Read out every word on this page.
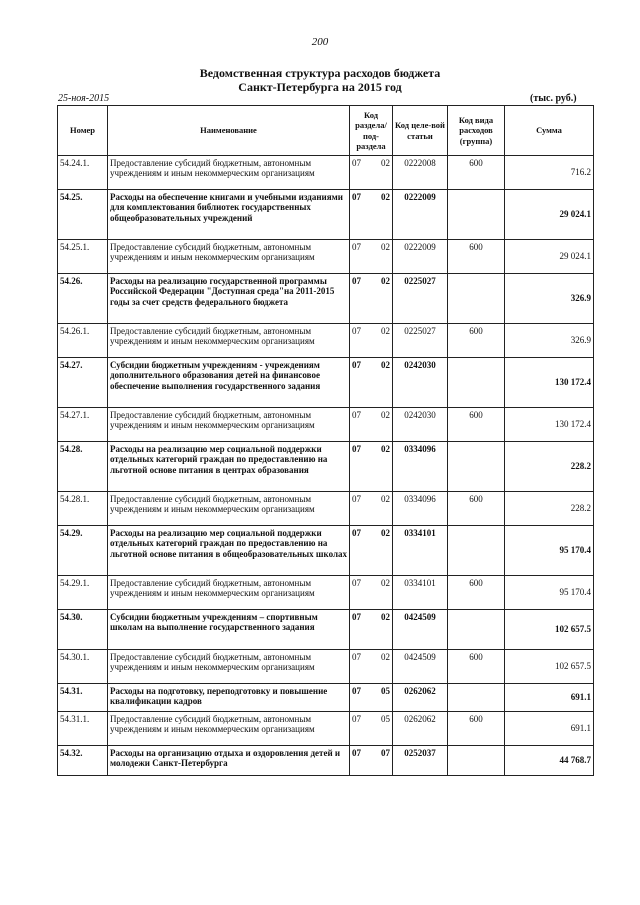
200
Ведомственная структура расходов бюджета
Санкт-Петербурга на 2015 год
25-ноя-2015	(тыс. руб.)
Номер	Наименование	Код раздела/ под-раздела	Код целе-вой статьи	Код вида расходов (группа)	Сумма
54.24.1.	Предоставление субсидий бюджетным, автономным учреждениям и иным некоммерческим организациям	07 02	0222008	600	716.2
54.25.	Расходы на обеспечение книгами и учебными изданиями для комплектования библиотек государственных общеобразовательных учреждений	07 02	0222009		29 024.1
54.25.1.	Предоставление субсидий бюджетным, автономным учреждениям и иным некоммерческим организациям	07 02	0222009	600	29 024.1
54.26.	Расходы на реализацию государственной программы Российской Федерации "Доступная среда"на 2011-2015 годы за счет средств федерального бюджета	07 02	0225027		326.9
54.26.1.	Предоставление субсидий бюджетным, автономным учреждениям и иным некоммерческим организациям	07 02	0225027	600	326.9
54.27.	Субсидии бюджетным учреждениям - учреждениям дополнительного образования детей на финансовое обеспечение выполнения государственного задания	07 02	0242030		130 172.4
54.27.1.	Предоставление субсидий бюджетным, автономным учреждениям и иным некоммерческим организациям	07 02	0242030	600	130 172.4
54.28.	Расходы на реализацию мер социальной поддержки отдельных категорий граждан по предоставлению на льготной основе питания в центрах образования	07 02	0334096		228.2
54.28.1.	Предоставление субсидий бюджетным, автономным учреждениям и иным некоммерческим организациям	07 02	0334096	600	228.2
54.29.	Расходы на реализацию мер социальной поддержки отдельных категорий граждан по предоставлению на льготной основе питания в общеобразовательных школах	07 02	0334101		95 170.4
54.29.1.	Предоставление субсидий бюджетным, автономным учреждениям и иным некоммерческим организациям	07 02	0334101	600	95 170.4
54.30.	Субсидии бюджетным учреждениям – спортивным школам на выполнение государственного задания	07 02	0424509		102 657.5
54.30.1.	Предоставление субсидий бюджетным, автономным учреждениям и иным некоммерческим организациям	07 02	0424509	600	102 657.5
54.31.	Расходы на подготовку, переподготовку и повышение квалификации кадров	07 05	0262062		691.1
54.31.1.	Предоставление субсидий бюджетным, автономным учреждениям и иным некоммерческим организациям	07 05	0262062	600	691.1
54.32.	Расходы на организацию отдыха и оздоровления детей и молодежи Санкт-Петербурга	07 07	0252037		44 768.7
